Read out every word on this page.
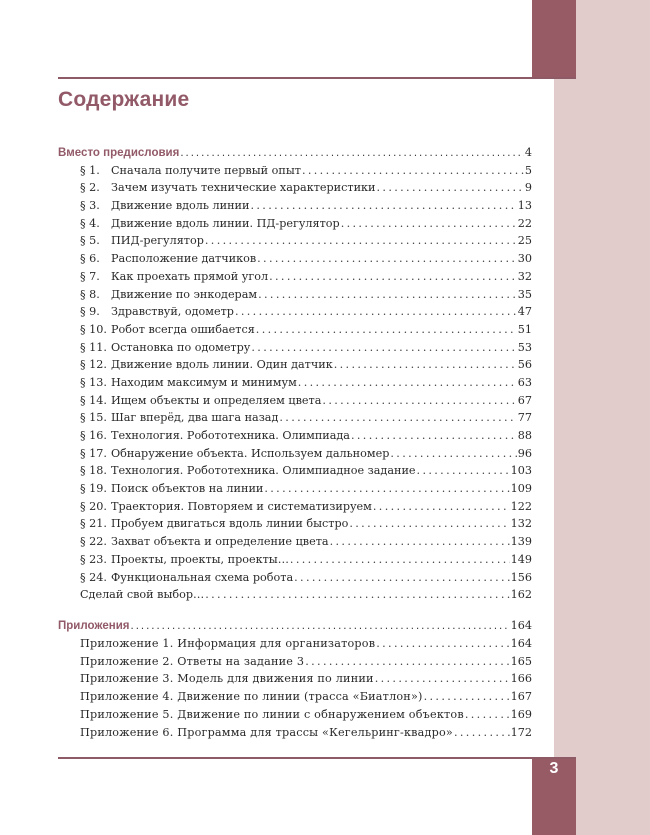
3
Содержание
Вместо предисловия . . .	4
§ 1. Сначала получите первый опыт . . .	5
§ 2. Зачем изучать технические характеристики . . .	9
§ 3. Движение вдоль линии . . .	13
§ 4. Движение вдоль линии. ПД-регулятор . . .	22
§ 5. ПИД-регулятор . . .	25
§ 6. Расположение датчиков . . .	30
§ 7. Как проехать прямой угол . . .	32
§ 8. Движение по энкодерам . . .	35
§ 9. Здравствуй, одометр . . .	47
§ 10. Робот всегда ошибается . . .	51
§ 11. Остановка по одометру . . .	53
§ 12. Движение вдоль линии. Один датчик . . .	56
§ 13. Находим максимум и минимум . . .	63
§ 14. Ищем объекты и определяем цвета . . .	67
§ 15. Шаг вперёд, два шага назад . . .	77
§ 16. Технология. Робототехника. Олимпиада . . .	88
§ 17. Обнаружение объекта. Используем дальномер . . .	96
§ 18. Технология. Робототехника. Олимпиадное задание . . .	103
§ 19. Поиск объектов на линии . . .	109
§ 20. Траектория. Повторяем и систематизируем . . .	122
§ 21. Пробуем двигаться вдоль линии быстро . . .	132
§ 22. Захват объекта и определение цвета . . .	139
§ 23. Проекты, проекты, проекты… . . .	149
§ 24. Функциональная схема робота . . .	156
Сделай свой выбор… . . .	162
Приложения . . .	164
Приложение 1. Информация для организаторов . . .	164
Приложение 2. Ответы на задание 3 . . .	165
Приложение 3. Модель для движения по линии . . .	166
Приложение 4. Движение по линии (трасса «Биатлон») . . .	167
Приложение 5. Движение по линии с обнаружением объектов . . .	169
Приложение 6. Программа для трассы «Кегельринг-квадро» . . .	172
